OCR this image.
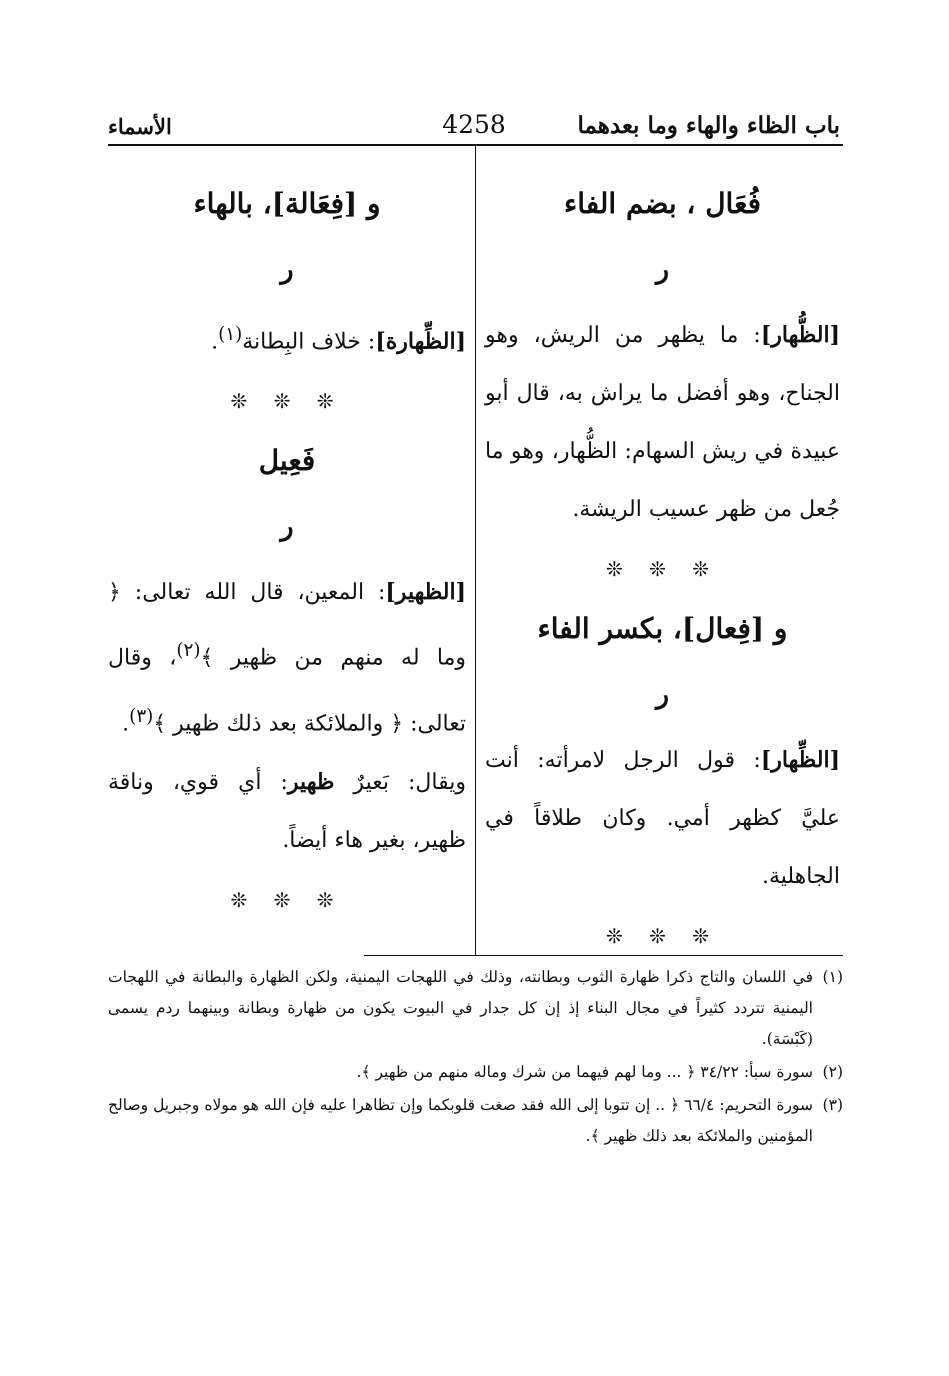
باب الظاء والهاء وما بعدهما
4258
الأسماء
فُعَال ، بضم الفاء
ر

[الظُّهار]: ما يظهر من الريش، وهو الجناح، وهو أفضل ما يراش به، قال أبو عبيدة في ريش السهام: الظُّهار، وهو ما جُعل من ظهر عسيب الريشة.

❊ ❊ ❊
و [فِعال]، بكسر الفاء
ر

[الظِّهار]: قول الرجل لامرأته: أنت عليَّ كظهر أمي. وكان طلاقاً في الجاهلية.

❊ ❊ ❊
و [فِعَالة]، بالهاء
ر

[الظِّهارة]: خلاف البِطانة$^{(١)}$.

❊ ❊ ❊
فَعِيل
ر

[الظهير]: المعين، قال الله تعالى: ﴿ وما له منهم من ظهير ﴾$^{(٢)}$، وقال تعالى: ﴿ والملائكة بعد ذلك ظهير ﴾$^{(٣)}$.

ويقال: بَعيرٌ ظهير: أي قوي، وناقة ظهير، بغير هاء أيضاً.

❊ ❊ ❊

(١)
في اللسان والتاج ذكرا ظهارة الثوب وبطانته، وذلك في اللهجات اليمنية، ولكن الظهارة والبطانة في اللهجات اليمنية تتردد كثيراً في مجال البناء إذ إن كل جدار في البيوت يكون من ظهارة وبطانة وبينهما ردم يسمى (كَبْسَة).

(٢)
سورة سبأ: ٣٤/٢٢ ﴿ ... وما لهم فيهما من شرك وماله منهم من ظهير ﴾.

(٣)
سورة التحريم: ٦٦/٤ ﴿ .. إن تتوبا إلى الله فقد صغت قلوبكما وإن تظاهرا عليه فإن الله هو مولاه وجبريل وصالح المؤمنين والملائكة بعد ذلك ظهير ﴾.
